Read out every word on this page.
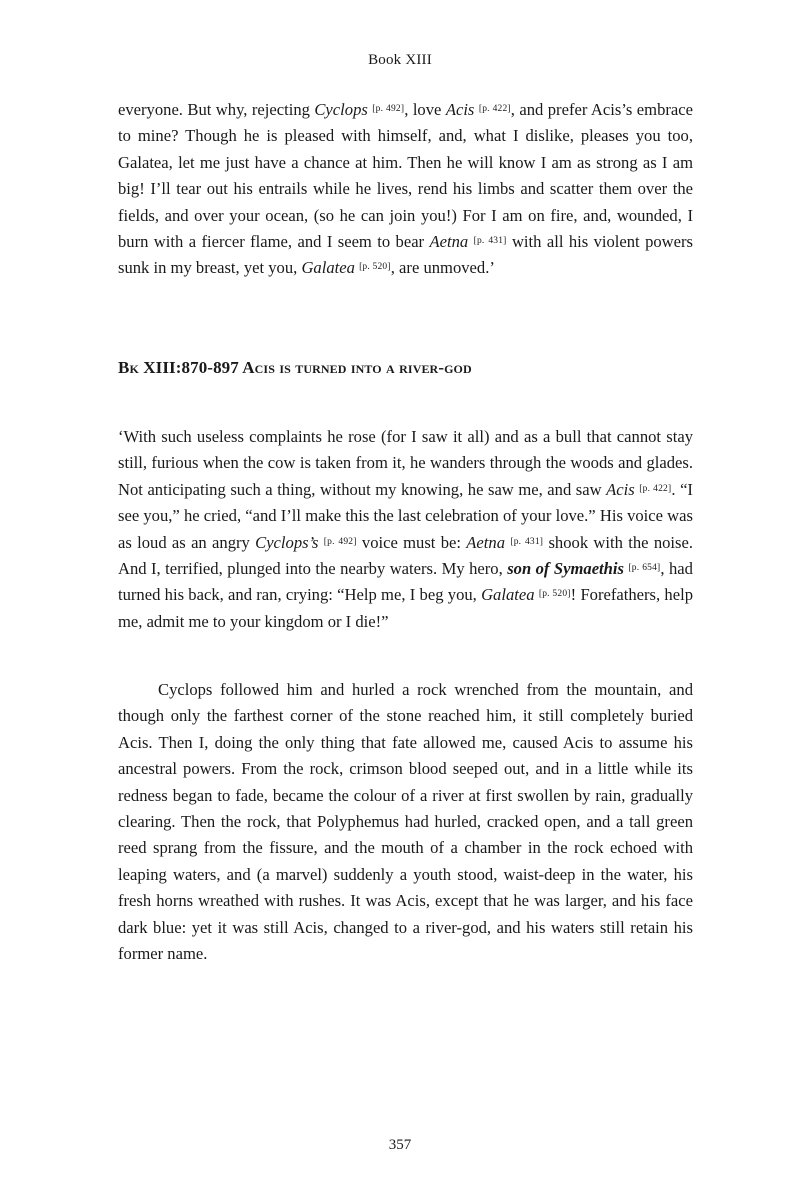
Book XIII

everyone. But why, rejecting Cyclops [p. 492], love Acis [p. 422], and prefer Acis’s embrace to mine? Though he is pleased with himself, and, what I dislike, pleases you too, Galatea, let me just have a chance at him. Then he will know I am as strong as I am big! I’ll tear out his entrails while he lives, rend his limbs and scatter them over the fields, and over your ocean, (so he can join you!) For I am on fire, and, wounded, I burn with a fiercer flame, and I seem to bear Aetna [p. 431] with all his violent powers sunk in my breast, yet you, Galatea [p. 520], are unmoved.’

Bk XIII:870-897 Acis is turned into a river-god

‘With such useless complaints he rose (for I saw it all) and as a bull that cannot stay still, furious when the cow is taken from it, he wanders through the woods and glades. Not anticipating such a thing, without my knowing, he saw me, and saw Acis [p. 422]. “I see you,” he cried, “and I’ll make this the last celebration of your love.” His voice was as loud as an angry Cyclops’s [p. 492] voice must be: Aetna [p. 431] shook with the noise. And I, terrified, plunged into the nearby waters. My hero, son of Symaethis [p. 654], had turned his back, and ran, crying: “Help me, I beg you, Galatea [p. 520]! Forefathers, help me, admit me to your kingdom or I die!”

Cyclops followed him and hurled a rock wrenched from the mountain, and though only the farthest corner of the stone reached him, it still completely buried Acis. Then I, doing the only thing that fate allowed me, caused Acis to assume his ancestral powers. From the rock, crimson blood seeped out, and in a little while its redness began to fade, became the colour of a river at first swollen by rain, gradually clearing. Then the rock, that Polyphemus had hurled, cracked open, and a tall green reed sprang from the fissure, and the mouth of a chamber in the rock echoed with leaping waters, and (a marvel) suddenly a youth stood, waist-deep in the water, his fresh horns wreathed with rushes. It was Acis, except that he was larger, and his face dark blue: yet it was still Acis, changed to a river-god, and his waters still retain his former name.

357
